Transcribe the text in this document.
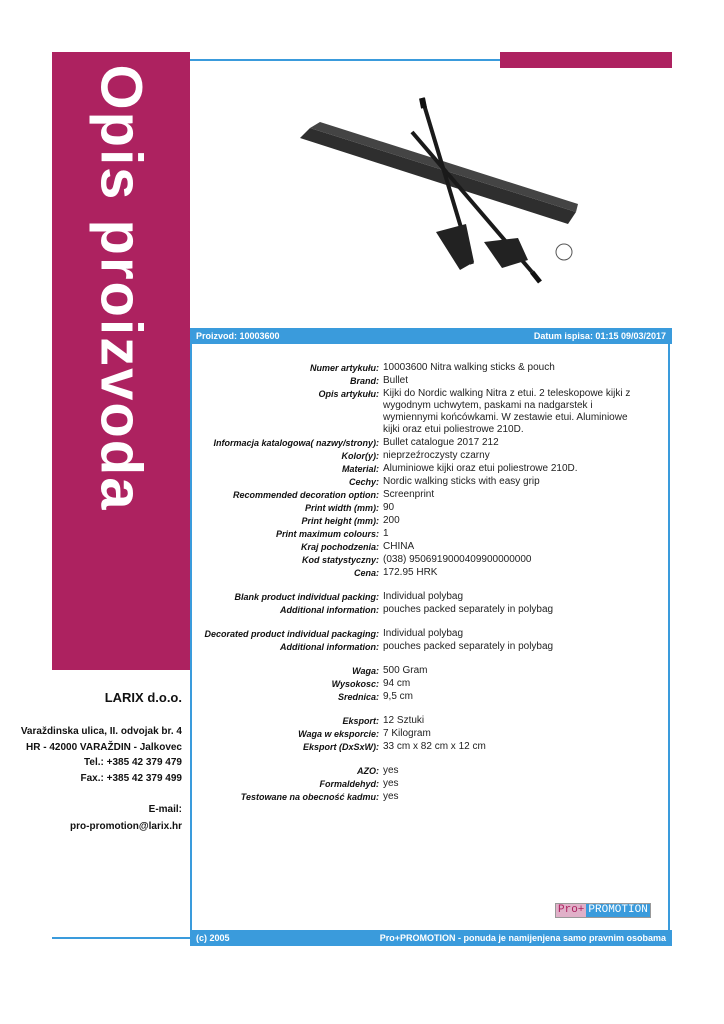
Opis proizvoda	Proizvod: 10003600	Datum ispisa: 01:15 09/03/2017
Numer artykułu: 10003600 Nitra walking sticks & pouch
Brand: Bullet
Opis artykułu: Kijki do Nordic walking Nitra z etui. 2 teleskopowe kijki z wygodnym uchwytem, paskami na nadgarstek i wymiennymi końcówkami. W zestawie etui. Aluminiowe kijki oraz etui poliestrowe 210D.
Informacja katalogowa( nazwy/strony): Bullet catalogue 2017 212
Kolor(y): nieprzeźroczysty czarny
Material: Aluminiowe kijki oraz etui poliestrowe 210D.
Cechy: Nordic walking sticks with easy grip
Recommended decoration option: Screenprint
Print width (mm): 90
Print height (mm): 200
Print maximum colours: 1
Kraj pochodzenia: CHINA
Kod statystyczny: (038) 9506919000409900000000
Cena: 172.95 HRK
Blank product individual packing: Individual polybag
Additional information: pouches packed separately in polybag
Decorated product individual packaging: Individual polybag
Additional information: pouches packed separately in polybag
Waga: 500 Gram
Wysokosc: 94 cm
Srednica: 9,5 cm
Eksport: 12 Sztuki
Waga w eksporcie: 7 Kilogram
Eksport (DxSxW): 33 cm x 82 cm x 12 cm
AZO: yes
Formaldehyd: yes
Testowane na obecność kadmu: yes
LARIX d.o.o.
Varaždinska ulica, II. odvojak br. 4
HR - 42000 VARAŽDIN - Jalkovec
Tel.: +385 42 379 479
Fax.: +385 42 379 499
E-mail:
pro-promotion@larix.hr
Pro+ PROMOTION
(c) 2005	Pro+PROMOTION - ponuda je namijenjena samo pravnim osobama
